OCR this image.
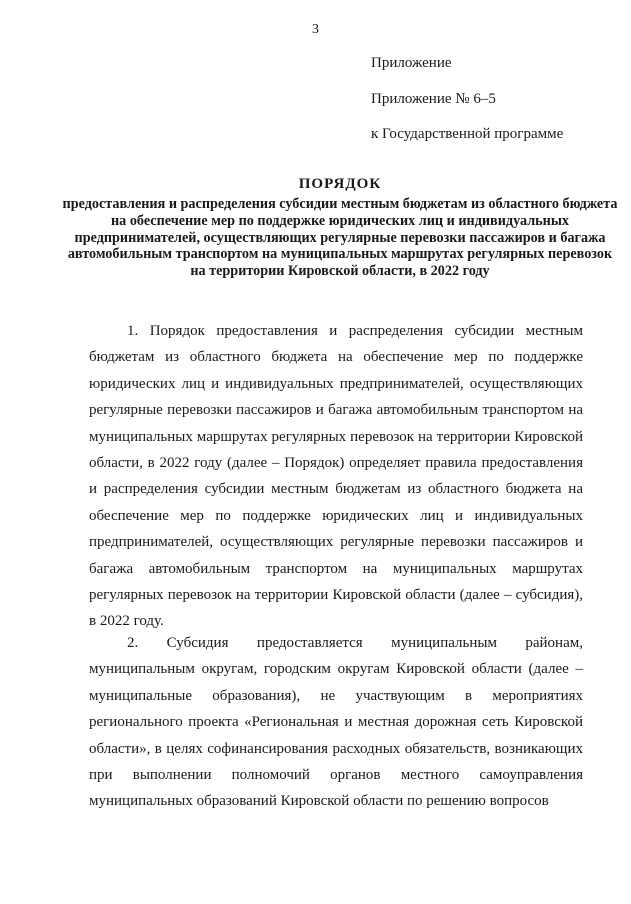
3
Приложение
Приложение № 6–5
к Государственной программе

ПОРЯДОК

предоставления и распределения субсидии местным бюджетам из областного бюджета на обеспечение мер по поддержке юридических лиц и индивидуальных предпринимателей, осуществляющих регулярные перевозки пассажиров и багажа автомобильным транспортом на муниципальных маршрутах регулярных перевозок на территории Кировской области, в 2022 году

1. Порядок предоставления и распределения субсидии местным бюджетам из областного бюджета на обеспечение мер по поддержке юридических лиц и индивидуальных предпринимателей, осуществляющих регулярные перевозки пассажиров и багажа автомобильным транспортом на муниципальных маршрутах регулярных перевозок на территории Кировской области, в 2022 году (далее – Порядок) определяет правила предоставления и распределения субсидии местным бюджетам из областного бюджета на обеспечение мер по поддержке юридических лиц и индивидуальных предпринимателей, осуществляющих регулярные перевозки пассажиров и багажа автомобильным транспортом на муниципальных маршрутах регулярных перевозок на территории Кировской области (далее – субсидия), в 2022 году.

2. Субсидия предоставляется муниципальным районам, муниципальным округам, городским округам Кировской области (далее – муниципальные образования), не участвующим в мероприятиях регионального проекта «Региональная и местная дорожная сеть Кировской области», в целях софинансирования расходных обязательств, возникающих при выполнении полномочий органов местного самоуправления муниципальных образований Кировской области по решению вопросов
